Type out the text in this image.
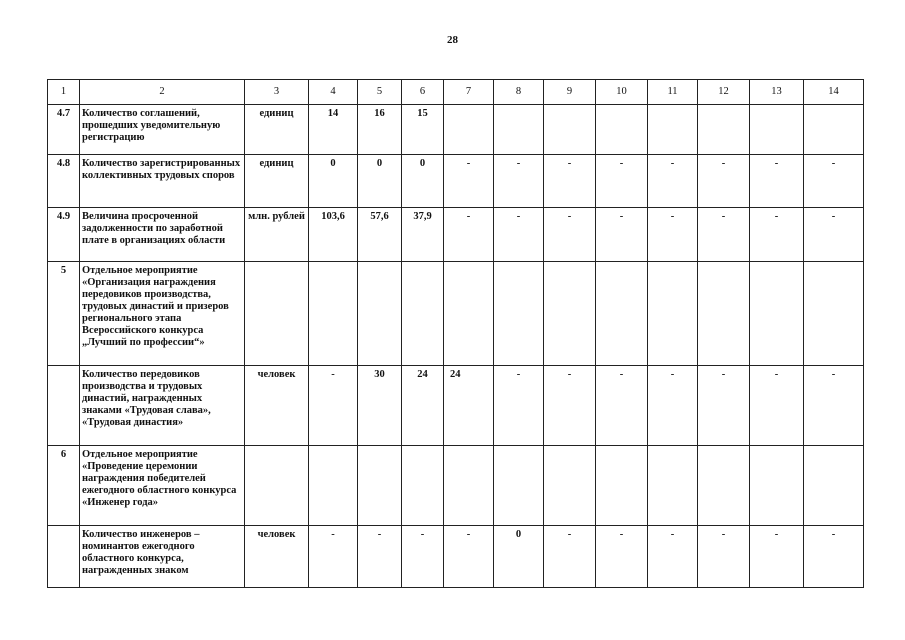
28
1	2	3	4	5	6	7	8	9	10	11	12	13	14
4.7	Количество соглашений, прошедших уведомительную регистрацию	единиц	14	16	15								
4.8	Количество зарегистрированных коллективных трудовых споров	единиц	0	0	0	-	-	-	-	-	-	-	-
4.9	Величина просроченной задолженности по заработной плате в организациях области	млн. рублей	103,6	57,6	37,9	-	-	-	-	-	-	-	-
5	Отдельное мероприятие «Организация награждения передовиков производства, трудовых династий и призеров регионального этапа Всероссийского конкурса „Лучший по профессии“»												
	Количество передовиков производства и трудовых династий, награжденных знаками «Трудовая слава», «Трудовая династия»	человек	-	30	24	24	-	-	-	-	-	-	-
6	Отдельное мероприятие «Проведение церемонии награждения победителей ежегодного областного конкурса «Инженер года»												
	Количество инженеров – номинантов ежегодного областного конкурса, награжденных знаком	человек	-	-	-	-	0	-	-	-	-	-	-
